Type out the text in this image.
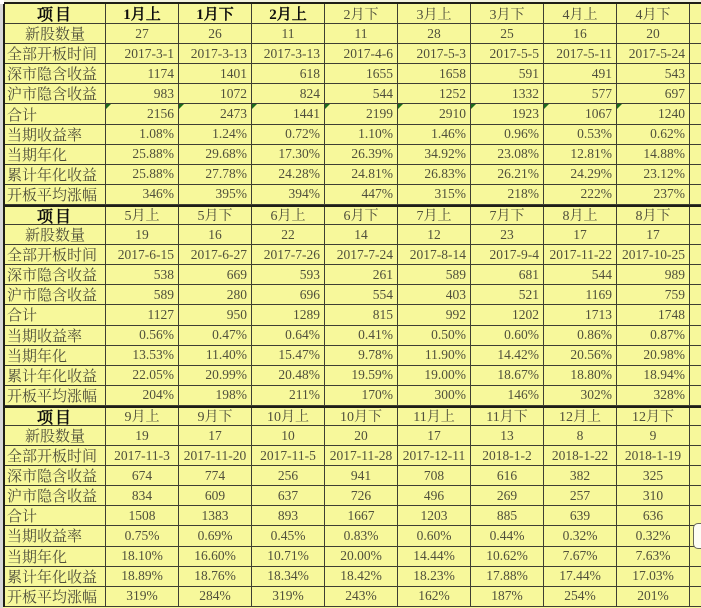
项目	1月上	1月下	2月上	2月下	3月上	3月下	4月上	4月下
新股数量	27	26	11	11	28	25	16	20
全部开板时间	2017-3-1	2017-3-13	2017-3-13	2017-4-6	2017-5-3	2017-5-5	2017-5-11	2017-5-24
深市隐含收益	1174	1401	618	1655	1658	591	491	543
沪市隐含收益	983	1072	824	544	1252	1332	577	697
合计	2156	2473	1441	2199	2910	1923	1067	1240
当期收益率	1.08%	1.24%	0.72%	1.10%	1.46%	0.96%	0.53%	0.62%
当期年化	25.88%	29.68%	17.30%	26.39%	34.92%	23.08%	12.81%	14.88%
累计年化收益	25.88%	27.78%	24.28%	24.81%	26.83%	26.21%	24.29%	23.12%
开板平均涨幅	346%	395%	394%	447%	315%	218%	222%	237%
项目	5月上	5月下	6月上	6月下	7月上	7月下	8月上	8月下
新股数量	19	16	22	14	12	23	17	17
全部开板时间	2017-6-15	2017-6-27	2017-7-26	2017-7-24	2017-8-14	2017-9-4 2017-11-22 2017-10-25
深市隐含收益	538	669	593	261	589	681	544	989
沪市隐含收益	589	280	696	554	403	521	1169	759
合计	1127	950	1289	815	992	1202	1713	1748
当期收益率	0.56%	0.47%	0.64%	0.41%	0.50%	0.60%	0.86%	0.87%
当期年化	13.53%	11.40%	15.47%	9.78%	11.90%	14.42%	20.56%	20.98%
累计年化收益	22.05%	20.99%	20.48%	19.59%	19.00%	18.67%	18.80%	18.94%
开板平均涨幅	204%	198%	211%	170%	300%	146%	302%	328%
项目	9月上	9月下	10月上	10月下	11月上	11月下	12月上	12月下
新股数量	19	17	10	20	17	13	8	9
全部开板时间	2017-11-3	2017-11-20	2017-11-5	2017-11-28 2017-12-11	2018-1-2	2018-1-22	2018-1-19
深市隐含收益	674	774	256	941	708	616	382	325
沪市隐含收益	834	609	637	726	496	269	257	310
合计	1508	1383	893	1667	1203	885	639	636
当期收益率	0.75%	0.69%	0.45%	0.83%	0.60%	0.44%	0.32%	0.32%
当期年化	18.10%	16.60%	10.71%	20.00%	14.44%	10.62%	7.67%	7.63%
累计年化收益	18.89%	18.76%	18.34%	18.42%	18.23%	17.88%	17.44%	17.03%
开板平均涨幅	319%	284%	319%	243%	162%	187%	254%	201%
